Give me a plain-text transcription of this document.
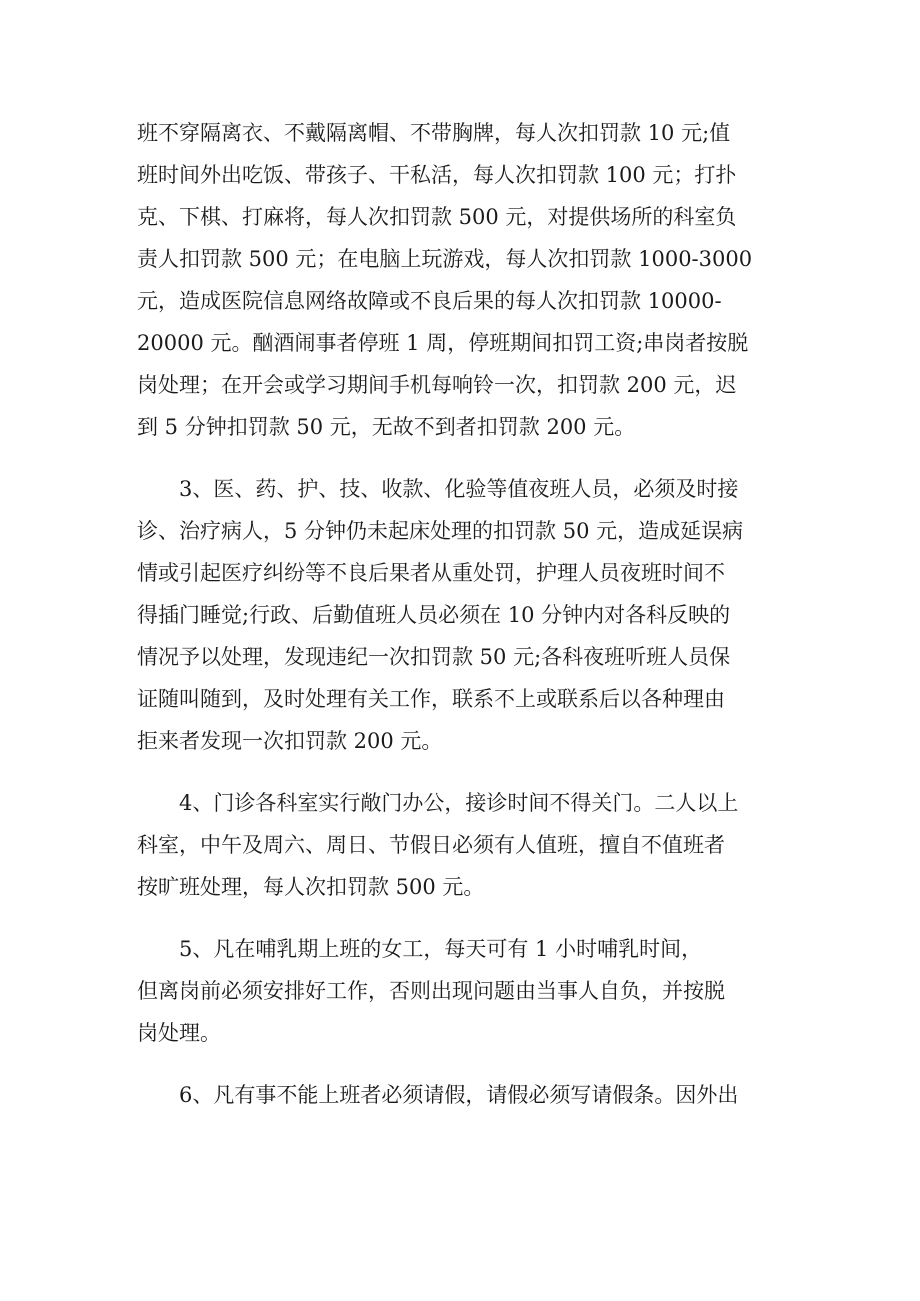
班不穿隔离衣、不戴隔离帽、不带胸牌，每人次扣罚款 10 元;值
班时间外出吃饭、带孩子、干私活，每人次扣罚款 100 元；打扑
克、下棋、打麻将，每人次扣罚款 500 元，对提供场所的科室负
责人扣罚款 500 元；在电脑上玩游戏，每人次扣罚款 1000-3000
元，造成医院信息网络故障或不良后果的每人次扣罚款 10000-
20000 元。酗酒闹事者停班 1 周，停班期间扣罚工资;串岗者按脱
岗处理；在开会或学习期间手机每响铃一次，扣罚款 200 元，迟
到 5 分钟扣罚款 50 元，无故不到者扣罚款 200 元。
3、医、药、护、技、收款、化验等值夜班人员，必须及时接
诊、治疗病人，5 分钟仍未起床处理的扣罚款 50 元，造成延误病
情或引起医疗纠纷等不良后果者从重处罚，护理人员夜班时间不
得插门睡觉;行政、后勤值班人员必须在 10 分钟内对各科反映的
情况予以处理，发现违纪一次扣罚款 50 元;各科夜班听班人员保
证随叫随到，及时处理有关工作，联系不上或联系后以各种理由
拒来者发现一次扣罚款 200 元。
4、门诊各科室实行敞门办公，接诊时间不得关门。二人以上
科室，中午及周六、周日、节假日必须有人值班，擅自不值班者
按旷班处理，每人次扣罚款 500 元。
5、凡在哺乳期上班的女工，每天可有 1 小时哺乳时间，
但离岗前必须安排好工作，否则出现问题由当事人自负，并按脱
岗处理。
6、凡有事不能上班者必须请假，请假必须写请假条。因外出
